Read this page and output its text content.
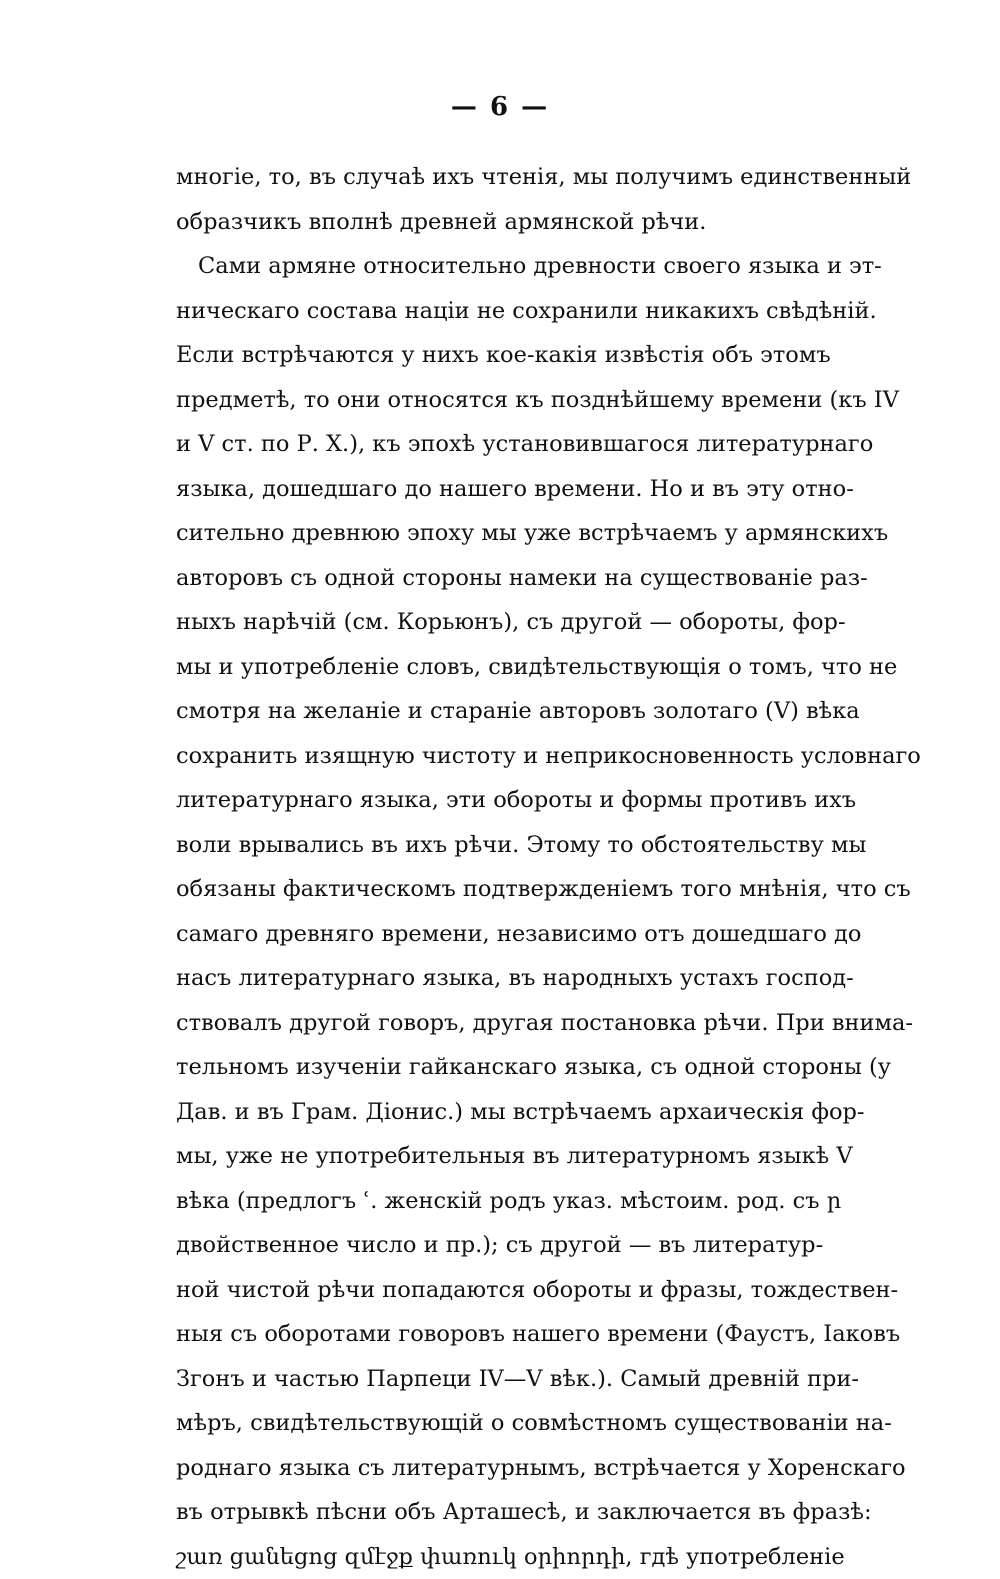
— 6 —
многіе, то, въ случаѣ ихъ чтенія, мы получимъ единственный
образчикъ вполнѣ древней армянской рѣчи.
Сами армяне относительно древности своего языка и эт-
ническаго состава націи не сохранили никакихъ свѣдѣній.
Если встрѣчаются у нихъ кое-какія извѣстія объ этомъ
предметѣ, то они относятся къ позднѣйшему времени (къ IV
и V ст. по Р. X.), къ эпохѣ установившагося литературнаго
языка, дошедшаго до нашего времени. Но и въ эту отно-
сительно древнюю эпоху мы уже встрѣчаемъ у армянскихъ
авторовъ съ одной стороны намеки на существованіе раз-
ныхъ нарѣчій (см. Корьюнъ), съ другой — обороты, фор-
мы и употребленіе словъ, свидѣтельствующія о томъ, что не
смотря на желаніе и стараніе авторовъ золотаго (V) вѣка
сохранить изящную чистоту и неприкосновенность условнаго
литературнаго языка, эти обороты и формы противъ ихъ
воли врывались въ ихъ рѣчи. Этому то обстоятельству мы
обязаны фактическомъ подтвержденіемъ того мнѣнія, что съ
самаго древняго времени, независимо отъ дошедшаго до
насъ литературнаго языка, въ народныхъ устахъ господ-
ствовалъ другой говоръ, другая постановка рѣчи. При внима-
тельномъ изученіи гайканскаго языка, съ одной стороны (у
Дав. и въ Грам. Діонис.) мы встрѣчаемъ архаическія фор-
мы, уже не употребительныя въ литературномъ языкѣ V
вѣка (предлогъ ՙ. женскій родъ указ. мѣстоим. род. съ ր
двойственное число и пр.); съ другой — въ литератур-
ной чистой рѣчи попадаются обороты и фразы, тождествен-
ныя съ оборотами говоровъ нашего времени (Фаустъ, Іаковъ
Згонъ и частью Парпеци IV—V вѣк.). Самый древній при-
мѣръ, свидѣтельствующій о совмѣстномъ существованіи на-
роднаго языка съ литературнымъ, встрѣчается у Хоренскаго
въ отрывкѣ пѣсни объ Арташесѣ, и заключается въ фразѣ:
շառ ցանեցոց զմէջք փառուկ օրիորդի, гдѣ употребленіе
